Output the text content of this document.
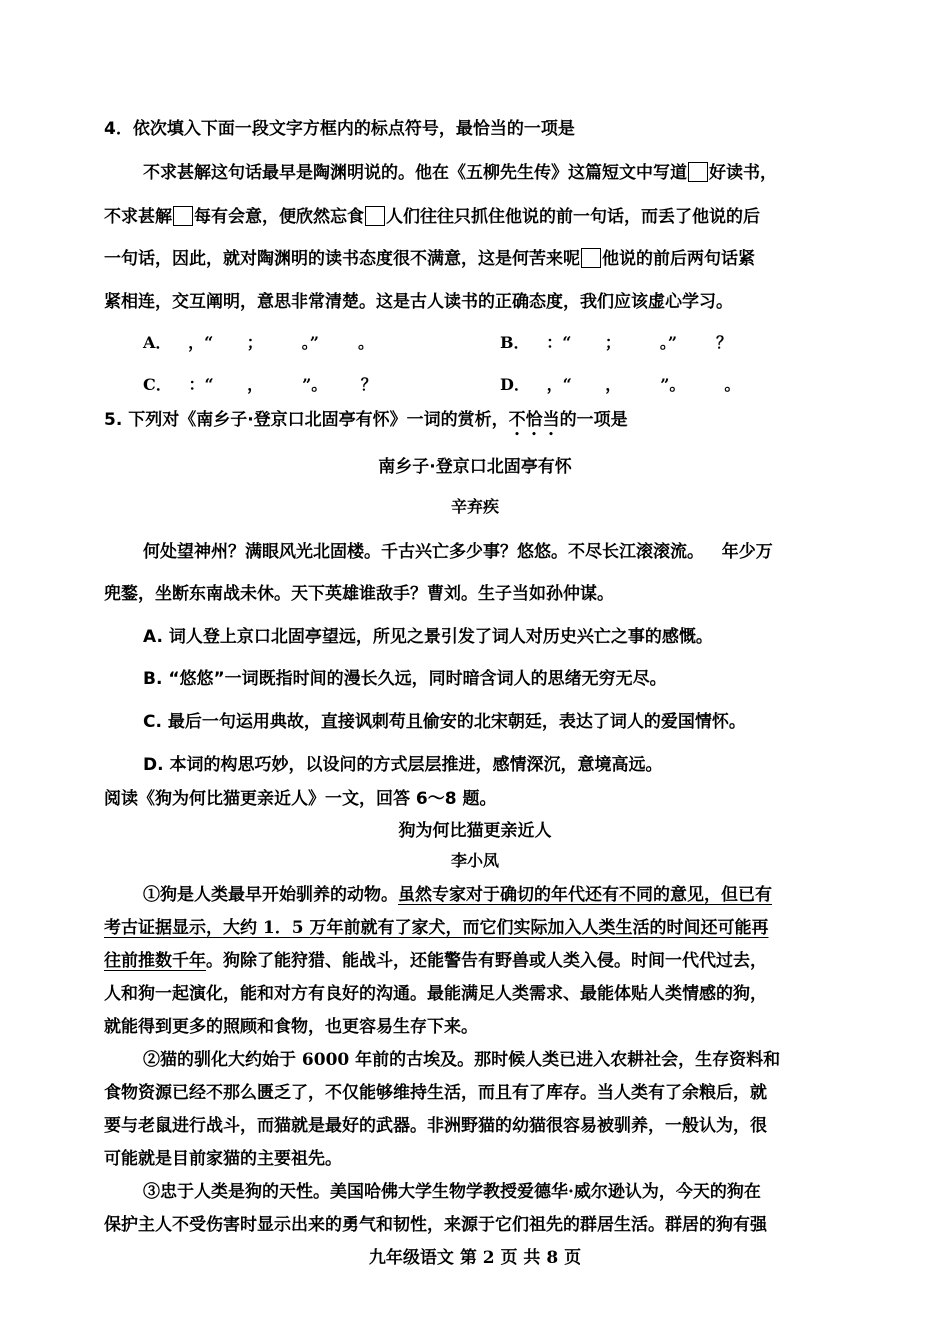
4．依次填入下面一段文字方框内的标点符号，最恰当的一项是
不求甚解这句话最早是陶渊明说的。他在《五柳先生传》这篇短文中写道 好读书，
不求甚解 每有会意，便欣然忘食 人们往往只抓住他说的前一句话，而丢了他说的后
一句话，因此，就对陶渊明的读书态度很不满意，这是何苦来呢 他说的前后两句话紧
紧相连，交互阐明，意思非常清楚。这是古人读书的正确态度，我们应该虚心学习。
A．   ，“      ；       。”       。	B．   ：“      ；       。”       ？
C．   ：“      ，       ”。      ？	D．   ，“      ，       ”。       。
5. 下列对《南乡子·登京口北固亭有怀》一词的赏析，不恰当的一项是
南乡子·登京口北固亭有怀
辛弃疾
何处望神州？满眼风光北固楼。千古兴亡多少事？悠悠。不尽长江滚滚流。   年少万
兜鍪，坐断东南战未休。天下英雄谁敌手？曹刘。生子当如孙仲谋。
A. 词人登上京口北固亭望远，所见之景引发了词人对历史兴亡之事的感慨。
B. “悠悠”一词既指时间的漫长久远，同时暗含词人的思绪无穷无尽。
C. 最后一句运用典故，直接讽刺苟且偷安的北宋朝廷，表达了词人的爱国情怀。
D. 本词的构思巧妙，以设问的方式层层推进，感情深沉，意境高远。
阅读《狗为何比猫更亲近人》一文，回答 6～8 题。
狗为何比猫更亲近人
李小凤
①狗是人类最早开始驯养的动物。虽然专家对于确切的年代还有不同的意见，但已有
考古证据显示，大约 1．5 万年前就有了家犬，而它们实际加入人类生活的时间还可能再
往前推数千年。狗除了能狩猎、能战斗，还能警告有野兽或人类入侵。时间一代代过去，
人和狗一起演化，能和对方有良好的沟通。最能满足人类需求、最能体贴人类情感的狗，
就能得到更多的照顾和食物，也更容易生存下来。
②猫的驯化大约始于 6000 年前的古埃及。那时候人类已进入农耕社会，生存资料和
食物资源已经不那么匮乏了，不仅能够维持生活，而且有了库存。当人类有了余粮后，就
要与老鼠进行战斗，而猫就是最好的武器。非洲野猫的幼猫很容易被驯养，一般认为，很
可能就是目前家猫的主要祖先。
③忠于人类是狗的天性。美国哈佛大学生物学教授爱德华·威尔逊认为，今天的狗在
保护主人不受伤害时显示出来的勇气和韧性，来源于它们祖先的群居生活。群居的狗有强
九年级语文 第 2 页 共 8 页
